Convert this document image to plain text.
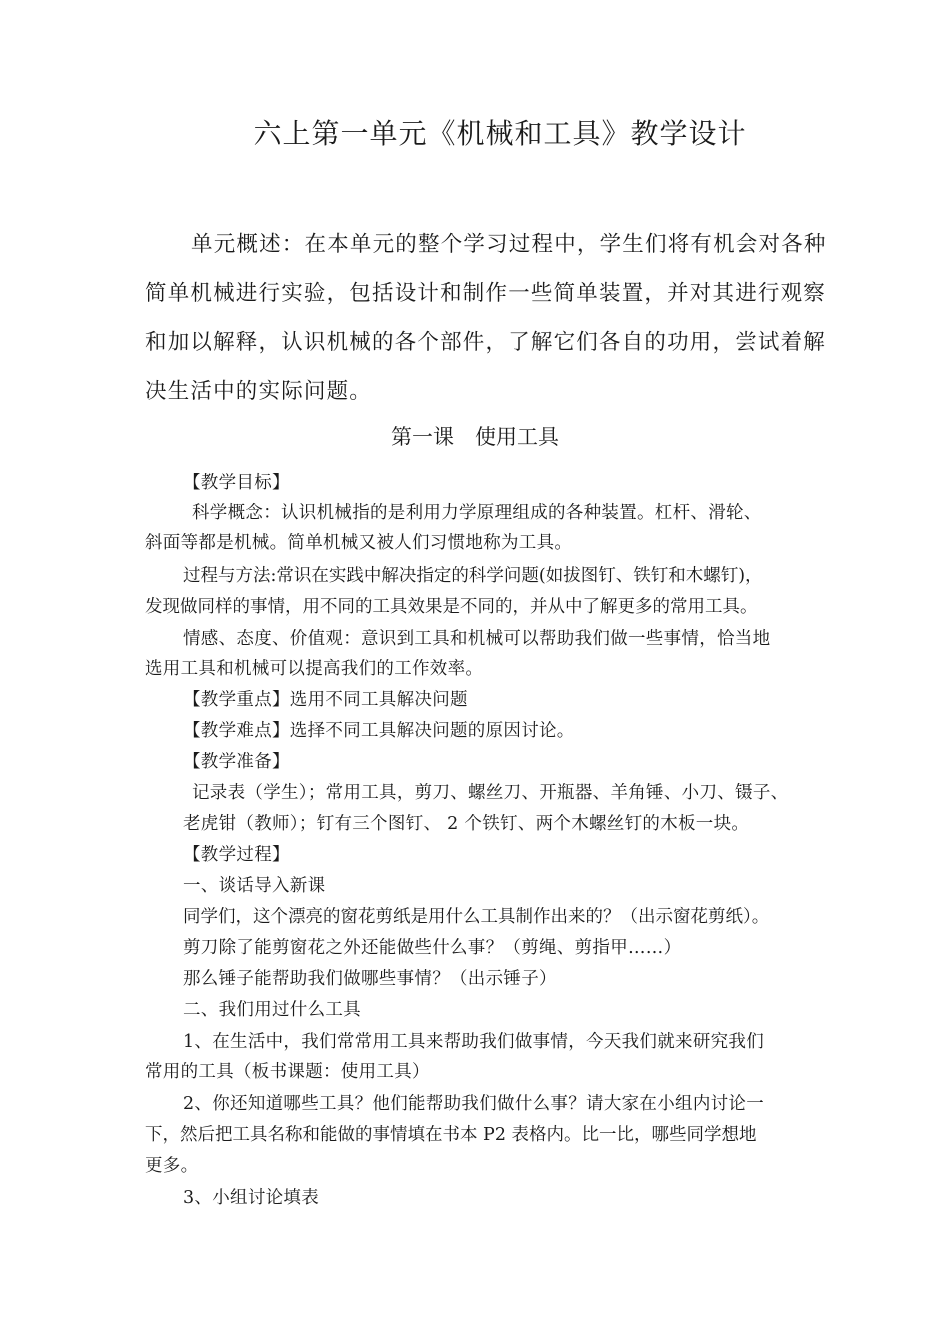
六上第一单元《机械和工具》教学设计
单元概述：在本单元的整个学习过程中，学生们将有机会对各种
简单机械进行实验，包括设计和制作一些简单装置，并对其进行观察
和加以解释，认识机械的各个部件，了解它们各自的功用，尝试着解
决生活中的实际问题。
第一课　使用工具
【教学目标】
科学概念：认识机械指的是利用力学原理组成的各种装置。杠杆、滑轮、
斜面等都是机械。简单机械又被人们习惯地称为工具。
过程与方法:常识在实践中解决指定的科学问题(如拔图钉、铁钉和木螺钉)，
发现做同样的事情，用不同的工具效果是不同的，并从中了解更多的常用工具。
情感、态度、价值观：意识到工具和机械可以帮助我们做一些事情，恰当地
选用工具和机械可以提高我们的工作效率。
【教学重点】选用不同工具解决问题
【教学难点】选择不同工具解决问题的原因讨论。
【教学准备】
记录表（学生）；常用工具，剪刀、螺丝刀、开瓶器、羊角锤、小刀、镊子、
老虎钳（教师）；钉有三个图钉、 2 个铁钉、两个木螺丝钉的木板一块。
【教学过程】
一、谈话导入新课
同学们，这个漂亮的窗花剪纸是用什么工具制作出来的？（出示窗花剪纸）。
剪刀除了能剪窗花之外还能做些什么事？（剪绳、剪指甲……）
那么锤子能帮助我们做哪些事情？（出示锤子）
二、我们用过什么工具
1、在生活中，我们常常用工具来帮助我们做事情，今天我们就来研究我们
常用的工具（板书课题：使用工具）
2、你还知道哪些工具？他们能帮助我们做什么事？请大家在小组内讨论一
下，然后把工具名称和能做的事情填在书本 P2 表格内。比一比，哪些同学想地
更多。
3、小组讨论填表
